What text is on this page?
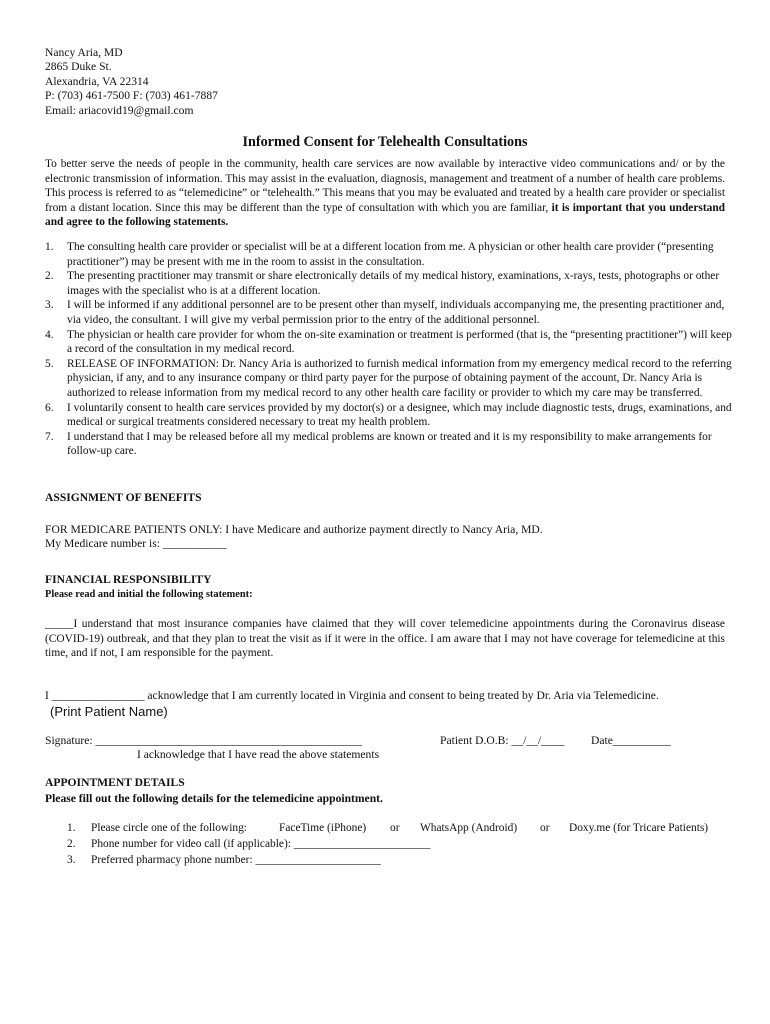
Nancy Aria, MD
2865 Duke St.
Alexandria, VA 22314
P: (703) 461-7500 F: (703) 461-7887
Email: ariacovid19@gmail.com
Informed Consent for Telehealth Consultations
To better serve the needs of people in the community, health care services are now available by interactive video communications and/ or by the electronic transmission of information. This may assist in the evaluation, diagnosis, management and treatment of a number of health care problems. This process is referred to as “telemedicine” or “telehealth.” This means that you may be evaluated and treated by a health care provider or specialist from a distant location. Since this may be different than the type of consultation with which you are familiar, it is important that you understand and agree to the following statements.
1. The consulting health care provider or specialist will be at a different location from me. A physician or other health care provider (“presenting practitioner”) may be present with me in the room to assist in the consultation.
2. The presenting practitioner may transmit or share electronically details of my medical history, examinations, x-rays, tests, photographs or other images with the specialist who is at a different location.
3. I will be informed if any additional personnel are to be present other than myself, individuals accompanying me, the presenting practitioner and, via video, the consultant. I will give my verbal permission prior to the entry of the additional personnel.
4. The physician or health care provider for whom the on-site examination or treatment is performed (that is, the “presenting practitioner”) will keep a record of the consultation in my medical record.
5. RELEASE OF INFORMATION: Dr. Nancy Aria is authorized to furnish medical information from my emergency medical record to the referring physician, if any, and to any insurance company or third party payer for the purpose of obtaining payment of the account, Dr. Nancy Aria is authorized to release information from my medical record to any other health care facility or provider to which my care may be transferred.
6. I voluntarily consent to health care services provided by my doctor(s) or a designee, which may include diagnostic tests, drugs, examinations, and medical or surgical treatments considered necessary to treat my health problem.
7. I understand that I may be released before all my medical problems are known or treated and it is my responsibility to make arrangements for follow-up care.
ASSIGNMENT OF BENEFITS
FOR MEDICARE PATIENTS ONLY: I have Medicare and authorize payment directly to Nancy Aria, MD.
My Medicare number is: ___________
FINANCIAL RESPONSIBILITY
Please read and initial the following statement:
_____I understand that most insurance companies have claimed that they will cover telemedicine appointments during the Coronavirus disease (COVID-19) outbreak, and that they plan to treat the visit as if it were in the office. I am aware that I may not have coverage for telemedicine at this time, and if not, I am responsible for the payment.
I ________________ acknowledge that I am currently located in Virginia and consent to being treated by Dr. Aria via Telemedicine.
(Print Patient Name)
Signature: ______________________________________________	Patient D.O.B: __/__/____ Date__________
I acknowledge that I have read the above statements
APPOINTMENT DETAILS
Please fill out the following details for the telemedicine appointment.
1. Please circle one of the following:	FaceTime (iPhone) or WhatsApp (Android) or Doxy.me (for Tricare Patients)
2. Phone number for video call (if applicable): ________________________
3. Preferred pharmacy phone number: ______________________
